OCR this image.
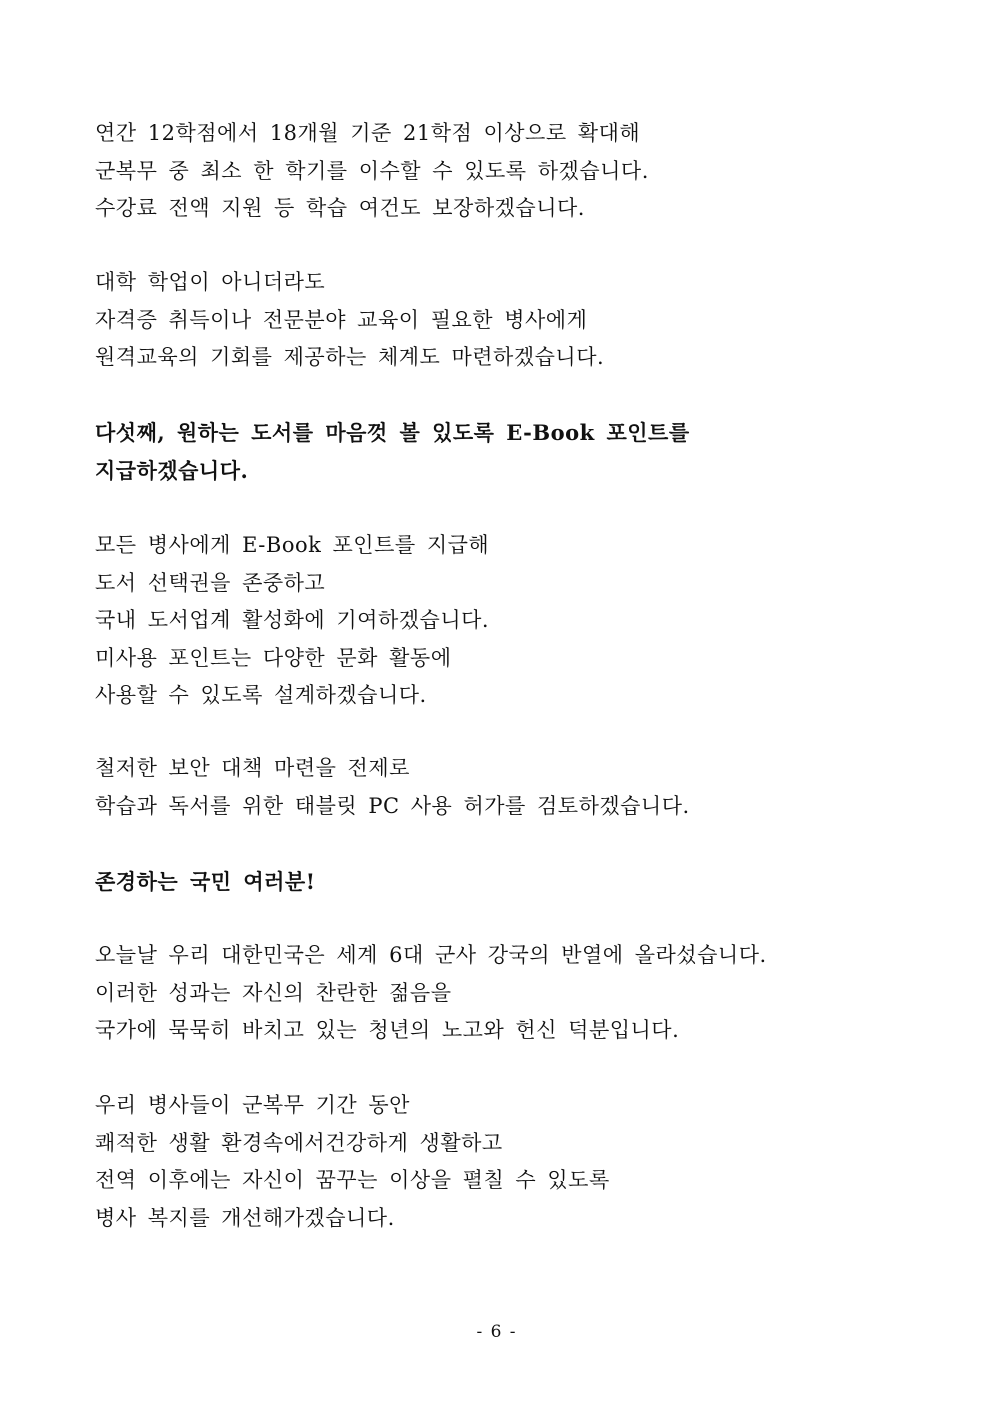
연간 12학점에서 18개월 기준 21학점 이상으로 확대해
군복무 중 최소 한 학기를 이수할 수 있도록 하겠습니다.
수강료 전액 지원 등 학습 여건도 보장하겠습니다.
대학 학업이 아니더라도
자격증 취득이나 전문분야 교육이 필요한 병사에게
원격교육의 기회를 제공하는 체계도 마련하겠습니다.
다섯째, 원하는 도서를 마음껏 볼 있도록 E-Book 포인트를
지급하겠습니다.
모든 병사에게 E-Book 포인트를 지급해
도서 선택권을 존중하고
국내 도서업계 활성화에 기여하겠습니다.
미사용 포인트는 다양한 문화 활동에
사용할 수 있도록 설계하겠습니다.
철저한 보안 대책 마련을 전제로
학습과 독서를 위한 태블릿 PC 사용 허가를 검토하겠습니다.
존경하는 국민 여러분!
오늘날 우리 대한민국은 세계 6대 군사 강국의 반열에 올라섰습니다.
이러한 성과는 자신의 찬란한 젊음을
국가에 묵묵히 바치고 있는 청년의 노고와 헌신 덕분입니다.
우리 병사들이 군복무 기간 동안
쾌적한 생활 환경속에서건강하게 생활하고
전역 이후에는 자신이 꿈꾸는 이상을 펼칠 수 있도록
병사 복지를 개선해가겠습니다.
- 6 -
